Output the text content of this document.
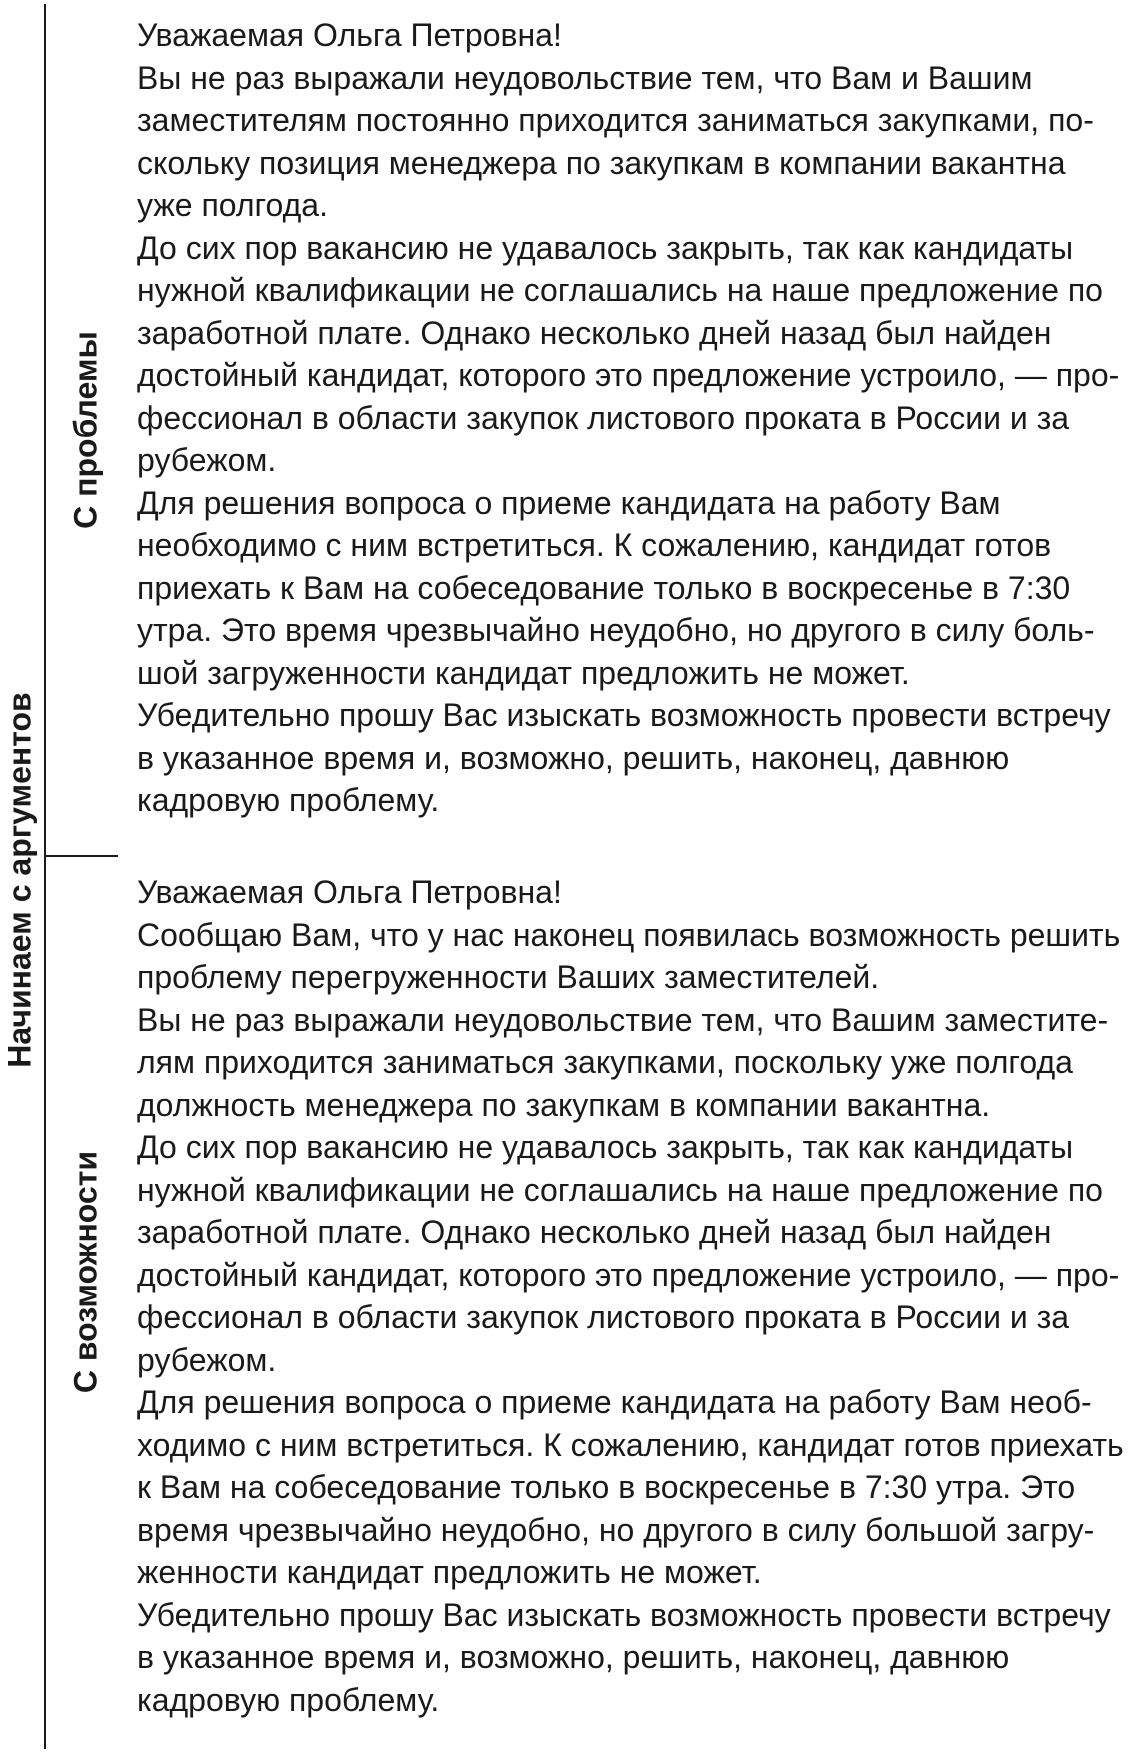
Начинаем с аргументов
С проблемы
С возможности

Уважаемая Ольга Петровна!

Вы не раз выражали неудовольствие тем, что Вам и Вашим

заместителям постоянно приходится заниматься закупками, по-

скольку позиция менеджера по закупкам в компании вакантна

уже полгода.

До сих пор вакансию не удавалось закрыть, так как кандидаты

нужной квалификации не соглашались на наше предложение по

заработной плате. Однако несколько дней назад был найден

достойный кандидат, которого это предложение устроило, — про-

фессионал в области закупок листового проката в России и за

рубежом.

Для решения вопроса о приеме кандидата на работу Вам

необходимо с ним встретиться. К сожалению, кандидат готов

приехать к Вам на собеседование только в воскресенье в 7:30

утра. Это время чрезвычайно неудобно, но другого в силу боль-

шой загруженности кандидат предложить не может.

Убедительно прошу Вас изыскать возможность провести встречу

в указанное время и, возможно, решить, наконец, давнюю

кадровую проблему.

Уважаемая Ольга Петровна!

Сообщаю Вам, что у нас наконец появилась возможность решить

проблему перегруженности Ваших заместителей.

Вы не раз выражали неудовольствие тем, что Вашим заместите-

лям приходится заниматься закупками, поскольку уже полгода

должность менеджера по закупкам в компании вакантна.

До сих пор вакансию не удавалось закрыть, так как кандидаты

нужной квалификации не соглашались на наше предложение по

заработной плате. Однако несколько дней назад был найден

достойный кандидат, которого это предложение устроило, — про-

фессионал в области закупок листового проката в России и за

рубежом.

Для решения вопроса о приеме кандидата на работу Вам необ-

ходимо с ним встретиться. К сожалению, кандидат готов приехать

к Вам на собеседование только в воскресенье в 7:30 утра. Это

время чрезвычайно неудобно, но другого в силу большой загру-

женности кандидат предложить не может.

Убедительно прошу Вас изыскать возможность провести встречу

в указанное время и, возможно, решить, наконец, давнюю

кадровую проблему.
